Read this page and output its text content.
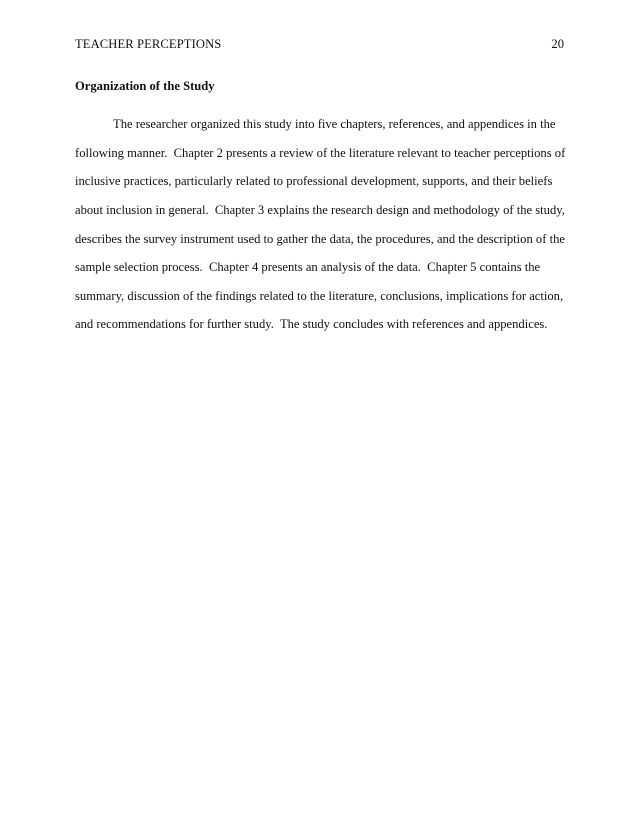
TEACHER PERCEPTIONS	20
Organization of the Study
The researcher organized this study into five chapters, references, and appendices in the
following manner.  Chapter 2 presents a review of the literature relevant to teacher perceptions of
inclusive practices, particularly related to professional development, supports, and their beliefs
about inclusion in general.  Chapter 3 explains the research design and methodology of the study,
describes the survey instrument used to gather the data, the procedures, and the description of the
sample selection process.  Chapter 4 presents an analysis of the data.  Chapter 5 contains the
summary, discussion of the findings related to the literature, conclusions, implications for action,
and recommendations for further study.  The study concludes with references and appendices.
